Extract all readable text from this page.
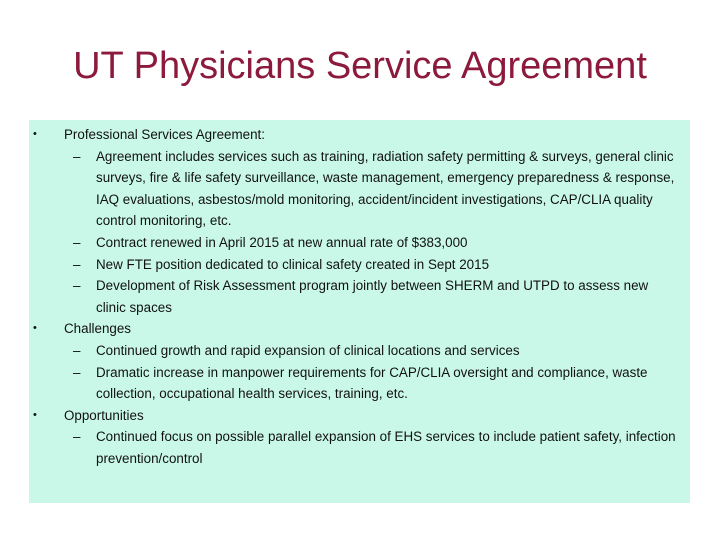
UT Physicians Service Agreement
• Professional Services Agreement:
– Agreement includes services such as training, radiation safety permitting & surveys, general clinic surveys, fire & life safety surveillance, waste management, emergency preparedness & response, IAQ evaluations, asbestos/mold monitoring, accident/incident investigations, CAP/CLIA quality control monitoring, etc.
– Contract renewed in April 2015 at new annual rate of $383,000
– New FTE position dedicated to clinical safety created in Sept 2015
– Development of Risk Assessment program jointly between SHERM and UTPD to assess new clinic spaces
• Challenges
– Continued growth and rapid expansion of clinical locations and services
– Dramatic increase in manpower requirements for CAP/CLIA oversight and compliance, waste collection, occupational health services, training, etc.
• Opportunities
– Continued focus on possible parallel expansion of EHS services to include patient safety, infection prevention/control
